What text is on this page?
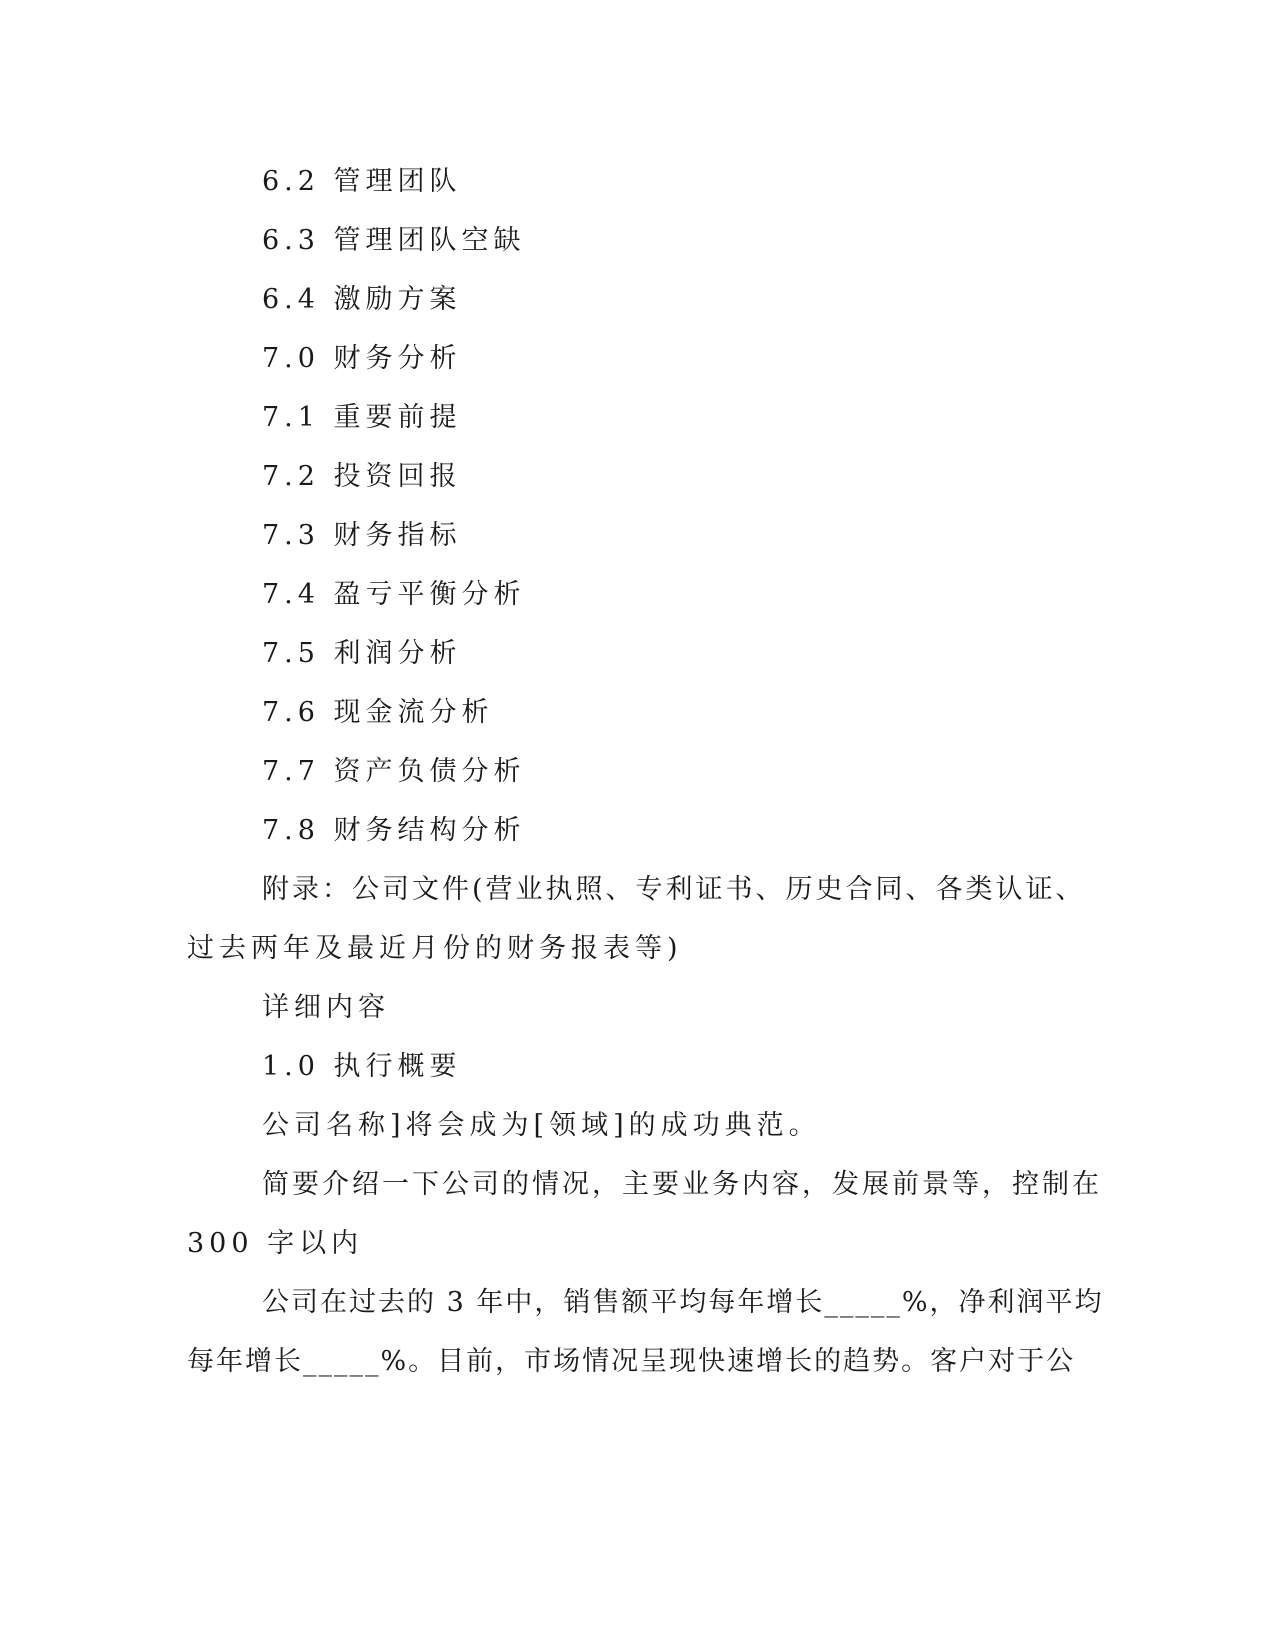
6.2 管理团队

6.3 管理团队空缺

6.4 激励方案

7.0 财务分析

7.1 重要前提

7.2 投资回报

7.3 财务指标

7.4 盈亏平衡分析

7.5 利润分析

7.6 现金流分析

7.7 资产负债分析

7.8 财务结构分析

附录：公司文件(营业执照、专利证书、历史合同、各类认证、

过去两年及最近月份的财务报表等)

详细内容

1.0 执行概要

公司名称]将会成为[领域]的成功典范。

简要介绍一下公司的情况，主要业务内容，发展前景等，控制在

300 字以内

公司在过去的 3 年中，销售额平均每年增长_____%，净利润平均

每年增长_____%。目前，市场情况呈现快速增长的趋势。客户对于公
